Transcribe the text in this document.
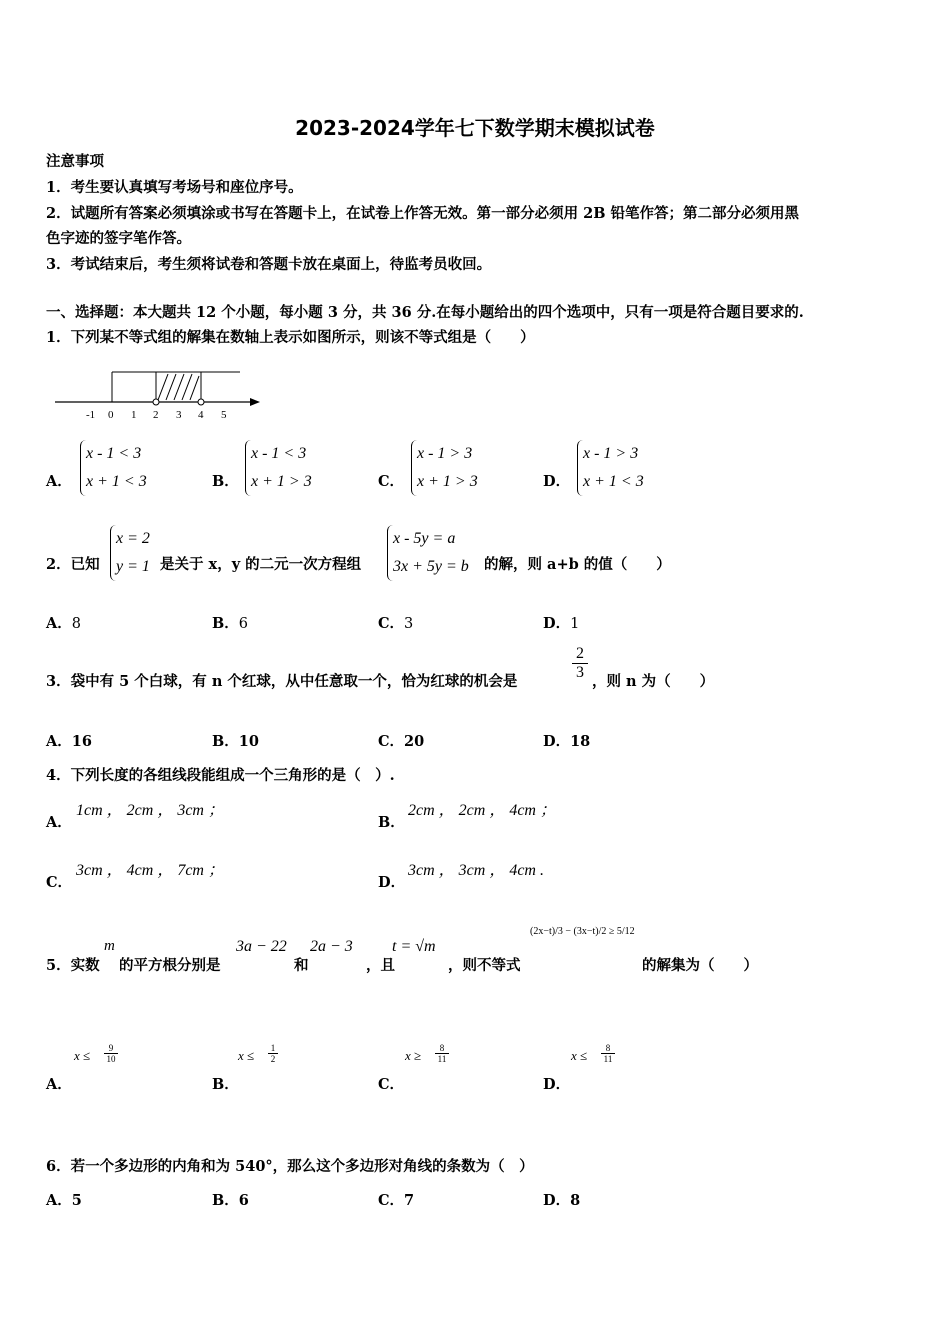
2023-2024学年七下数学期末模拟试卷
注意事项
1．考生要认真填写考场号和座位序号。
2．试题所有答案必须填涂或书写在答题卡上，在试卷上作答无效。第一部分必须用 2B 铅笔作答；第二部分必须用黑
色字迹的签字笔作答。
3．考试结束后，考生须将试卷和答题卡放在桌面上，待监考员收回。
一、选择题：本大题共 12 个小题，每小题 3 分，共 36 分.在每小题给出的四个选项中，只有一项是符合题目要求的.
1．下列某不等式组的解集在数轴上表示如图所示，则该不等式组是（　　）
-1 0 1 2 3 4 5
A．
x - 1 < 3
x + 1 < 3	B．
x - 1 < 3
x + 1 > 3	C．
x - 1 > 3
x + 1 > 3	D．
x - 1 > 3
x + 1 < 3
2．已知
x = 2
y = 1 是关于 x，y 的二元一次方程组
x - 5y = a
3x + 5y = b 的解，则 a+b 的值（　　）
A．8	B．6	C．3	D．1
3．袋中有 5 个白球，有 n 个红球，从中任意取一个，恰为红球的机会是	$\frac{2}{3}$ ，则 n 为（　　）
A．16	B．10	C．20	D．18
4．下列长度的各组线段能组成一个三角形的是（　）.
A．
1cm ， 2cm ， 3cm ；
B．
2cm ， 2cm ， 4cm ；
C．
3cm ， 4cm ， 7cm ；
D．
3cm ， 3cm ， 4cm .
5．实数
m
的平方根分别是
3a − 22
和
2a − 3
，且
t = √m
，则不等式
(2x−t)/3 − (3x−t)/2 ≥ 5/12
的解集为（　　）
A．
$x \le \frac{9}{10}$
B．
$x \le \frac{1}{2}$
C．
$x \ge \frac{8}{11}$
D．
$x \le \frac{8}{11}$
6．若一个多边形的内角和为 540°，那么这个多边形对角线的条数为（　）
A．5	B．6	C．7	D．8
